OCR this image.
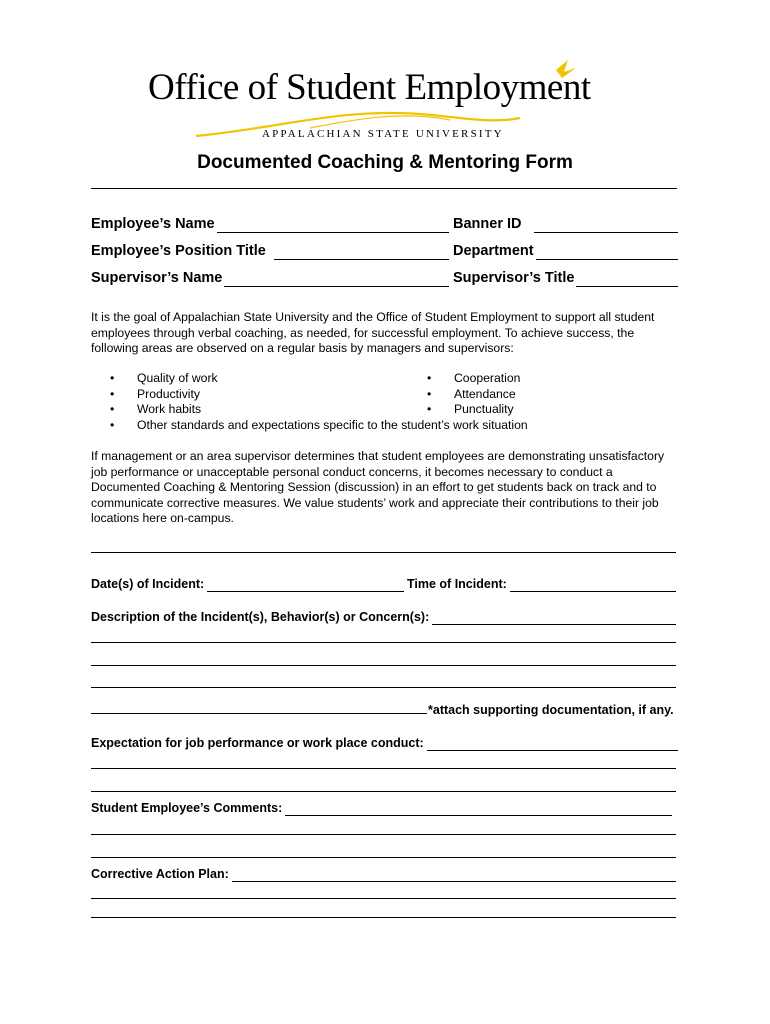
Office of Student Employment
APPALACHIAN STATE UNIVERSITY
Documented Coaching & Mentoring Form
Employee’s Name	Banner ID
Employee’s Position Title	Department
Supervisor’s Name	Supervisor’s Title
It is the goal of Appalachian State University and the Office of Student Employment to support all student employees through verbal coaching, as needed, for successful employment. To achieve success, the following areas are observed on a regular basis by managers and supervisors:
• Quality of work
• Productivity
• Work habits
• Other standards and expectations specific to the student’s work situation
• Cooperation
• Attendance
• Punctuality
If management or an area supervisor determines that student employees are demonstrating unsatisfactory job performance or unacceptable personal conduct concerns, it becomes necessary to conduct a Documented Coaching & Mentoring Session (discussion) in an effort to get students back on track and to communicate corrective measures. We value students’ work and appreciate their contributions to their job locations here on-campus.
Date(s) of Incident:	Time of Incident:
Description of the Incident(s), Behavior(s) or Concern(s):
*attach supporting documentation, if any.
Expectation for job performance or work place conduct:
Student Employee’s Comments:
Corrective Action Plan:
